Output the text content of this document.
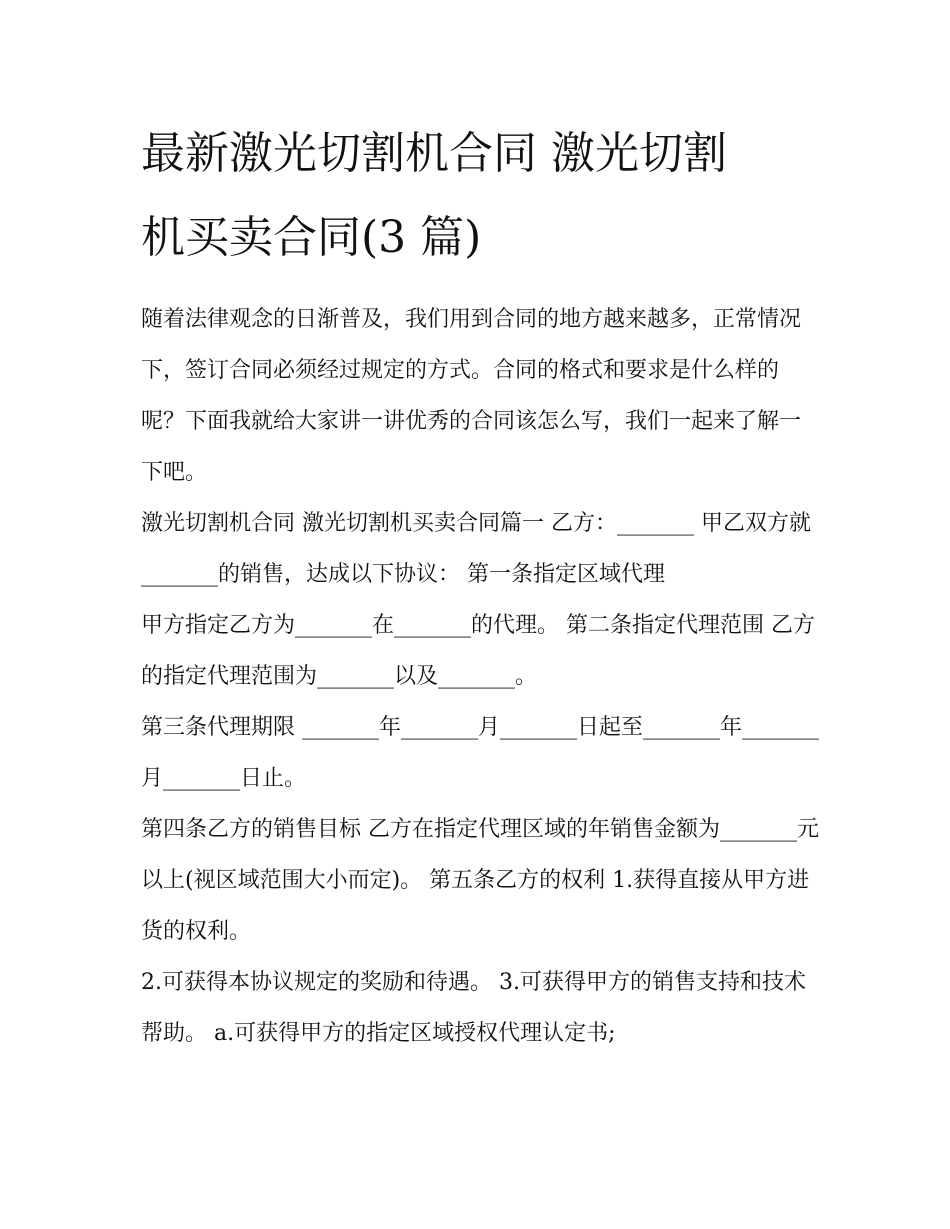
最新激光切割机合同 激光切割
机买卖合同(3 篇)

随着法律观念的日渐普及，我们用到合同的地方越来越多，正常情况下，签订合同必须经过规定的方式。合同的格式和要求是什么样的呢？下面我就给大家讲一讲优秀的合同该怎么写，我们一起来了解一下吧。

激光切割机合同 激光切割机买卖合同篇一 乙方：_______ 甲乙双方就_______的销售，达成以下协议： 第一条指定区域代理

甲方指定乙方为_______在_______的代理。 第二条指定代理范围 乙方的指定代理范围为_______以及_______。

第三条代理期限 _______年_______月_______日起至_______年_______月_______日止。

第四条乙方的销售目标 乙方在指定代理区域的年销售金额为_______元以上(视区域范围大小而定)。 第五条乙方的权利 1.获得直接从甲方进货的权利。

2.可获得本协议规定的奖励和待遇。 3.可获得甲方的销售支持和技术帮助。 a.可获得甲方的指定区域授权代理认定书;
